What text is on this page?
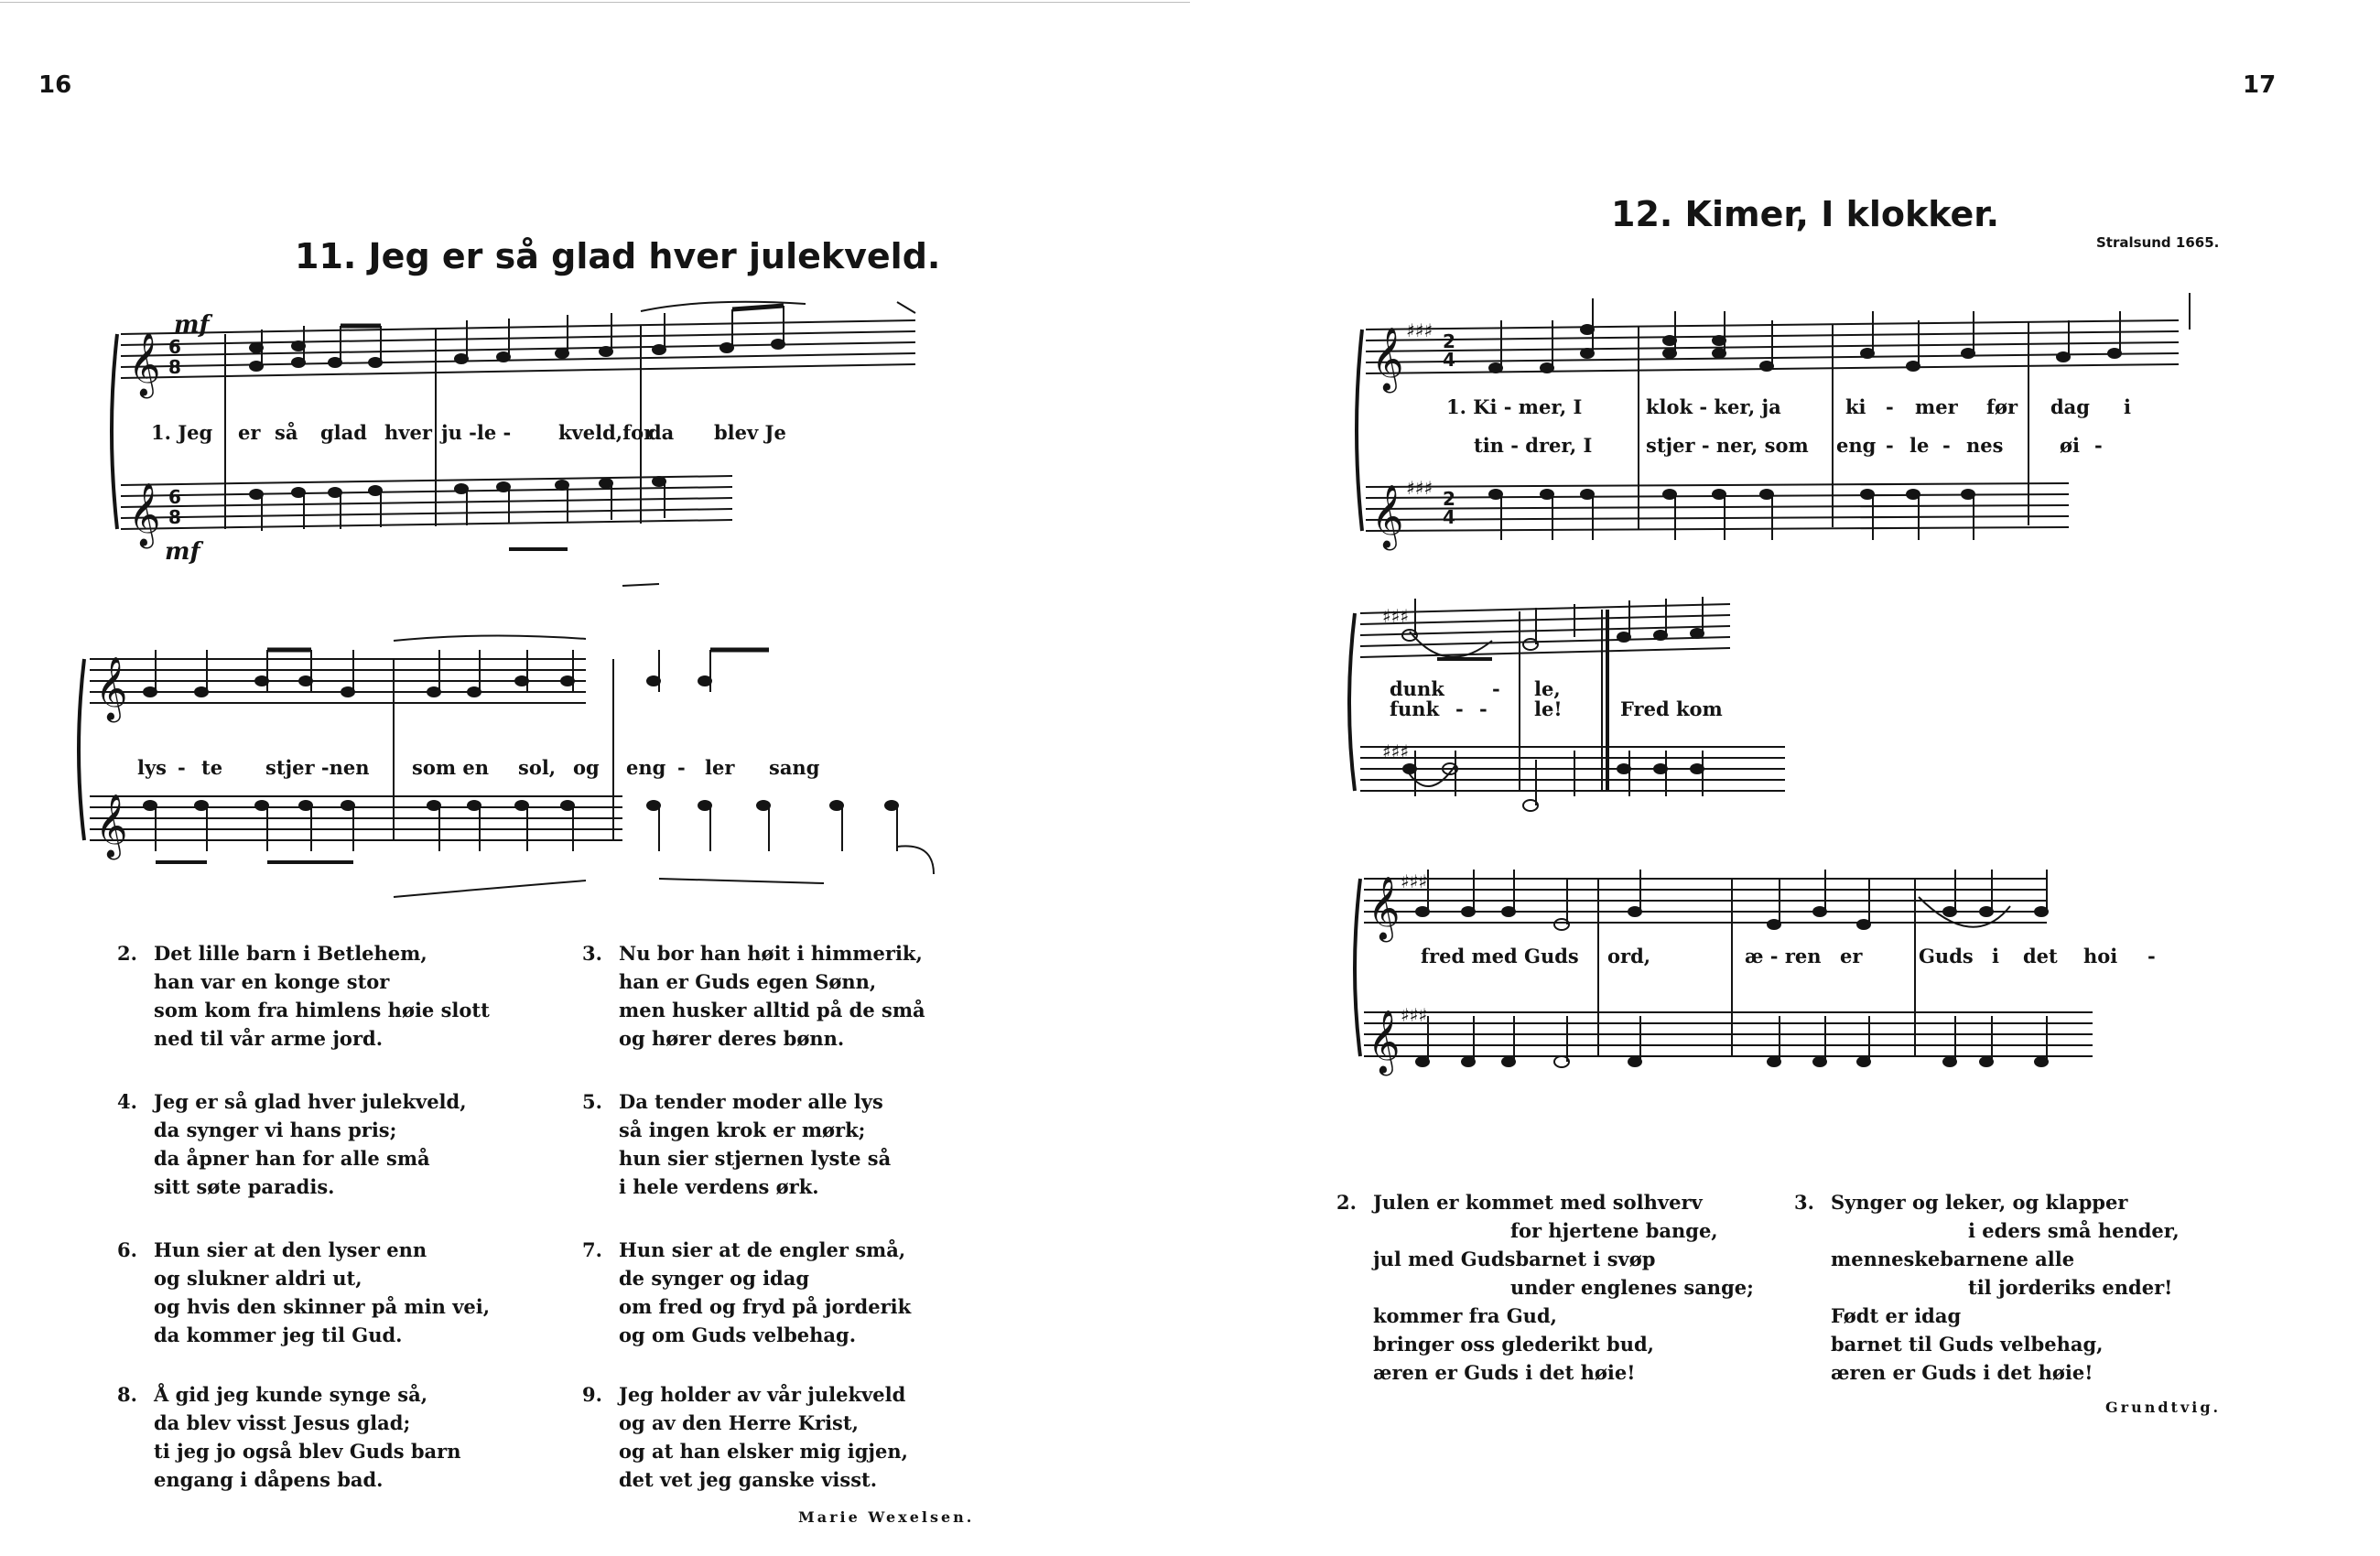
16
11. Jeg er så glad hver julekveld.
mf
mf
𝄞
𝄞
6
8
6
8
1. Jeg er så glad hver ju -le - kveld,for
da blev Je
𝄞
𝄞
lys - te stjer -nen som en sol, og eng - ler sang
2. Det lille barn i Betlehem,
han var en konge stor
som kom fra himlens høie slott
ned til vår arme jord.
3. Nu bor han høit i himmerik,
han er Guds egen Sønn,
men husker alltid på de små
og hører deres bønn.
4. Jeg er så glad hver julekveld,
da synger vi hans pris;
da åpner han for alle små
sitt søte paradis.
5. Da tender moder alle lys
så ingen krok er mørk;
hun sier stjernen lyste så
i hele verdens ørk.
6. Hun sier at den lyser enn
og slukner aldri ut,
og hvis den skinner på min vei,
da kommer jeg til Gud.
7. Hun sier at de engler små,
de synger og idag
om fred og fryd på jorderik
og om Guds velbehag.
8. Å gid jeg kunde synge så,
da blev visst Jesus glad;
ti jeg jo også blev Guds barn
engang i dåpens bad.
9. Jeg holder av vår julekveld
og av den Herre Krist,
og at han elsker mig igjen,
det vet jeg ganske visst.
Marie Wexelsen.
17
12. Kimer, I klokker.
Stralsund 1665.
𝄞
𝄞
♯♯♯
♯♯♯
2
4
2
4
1. Ki - mer, I	klok - ker, ja	ki - mer før dag i
tin - drer, I	stjer - ner, som eng - le - nes	øi -
♯♯♯
♯♯♯
dunk - le,
Fred kom
funk - - le!
𝄞
𝄞
♯♯♯
♯♯♯
fred med Guds ord,	æ - ren er	Guds i det hoi -
2. Julen er kommet med solhverv
for hjertene bange,
jul med Gudsbarnet i svøp
under englenes sange;
kommer fra Gud,
bringer oss glederikt bud,
æren er Guds i det høie!
3. Synger og leker, og klapper
i eders små hender,
menneskebarnene alle
til jorderiks ender!
Født er idag
barnet til Guds velbehag,
æren er Guds i det høie!
Grundtvig.
